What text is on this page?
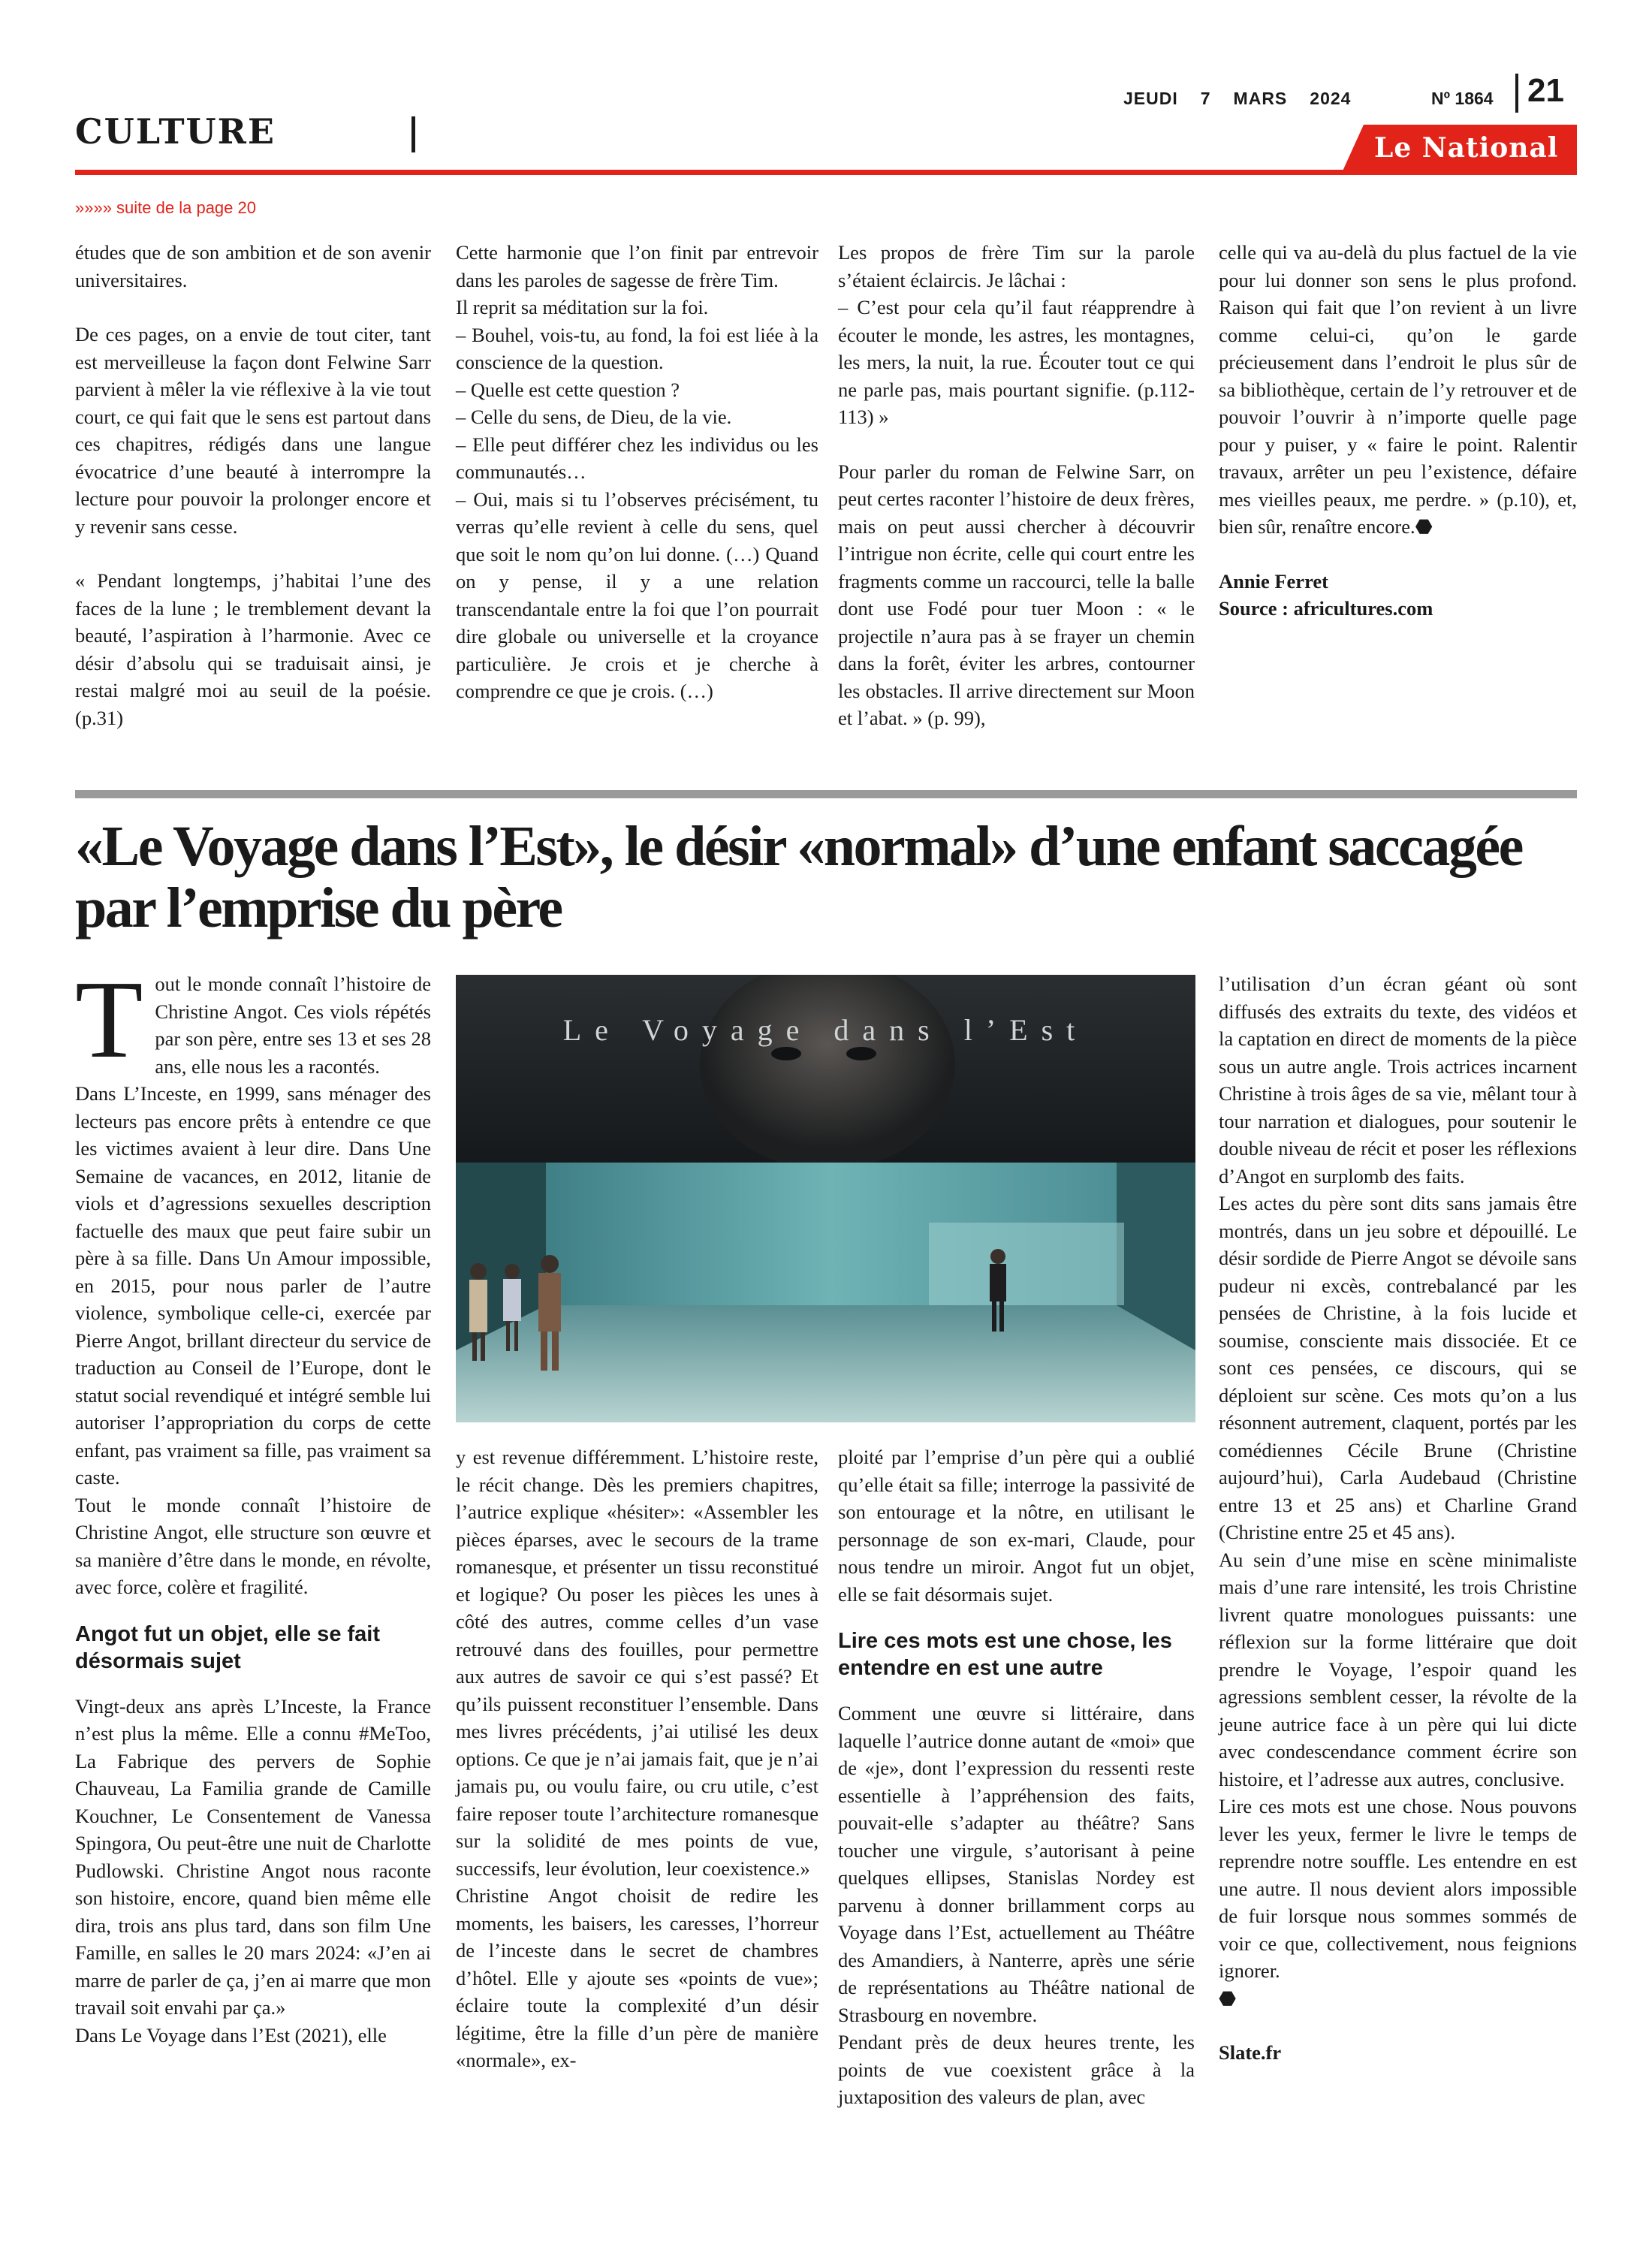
CULTURE
JEUDI 7 MARS 2024	Nº 1864 21
Le National
»»»» suite de la page 20

études que de son ambition et de son avenir universitaires.

De ces pages, on a envie de tout citer, tant est merveilleuse la façon dont Felwine Sarr parvient à mêler la vie réflexive à la vie tout court, ce qui fait que le sens est partout dans ces chapitres, rédigés dans une langue évocatrice d’une beauté à interrompre la lecture pour pouvoir la prolonger encore et y revenir sans cesse.

« Pendant longtemps, j’habitai l’une des faces de la lune ; le tremblement devant la beauté, l’aspiration à l’harmonie. Avec ce désir d’absolu qui se traduisait ainsi, je restai malgré moi au seuil de la poésie. (p.31)

Cette harmonie que l’on finit par entrevoir dans les paroles de sagesse de frère Tim.

Il reprit sa méditation sur la foi.

– Bouhel, vois-tu, au fond, la foi est liée à la conscience de la question.

– Quelle est cette question ?

– Celle du sens, de Dieu, de la vie.

– Elle peut différer chez les individus ou les communautés…

– Oui, mais si tu l’observes précisément, tu verras qu’elle revient à celle du sens, quel que soit le nom qu’on lui donne. (…) Quand on y pense, il y a une relation transcendantale entre la foi que l’on pourrait dire globale ou universelle et la croyance particulière. Je crois et je cherche à comprendre ce que je crois. (…)

Les propos de frère Tim sur la parole s’étaient éclaircis. Je lâchai :

– C’est pour cela qu’il faut réapprendre à écouter le monde, les astres, les montagnes, les mers, la nuit, la rue. Écouter tout ce qui ne parle pas, mais pourtant signifie. (p.112-113) »

Pour parler du roman de Felwine Sarr, on peut certes raconter l’histoire de deux frères, mais on peut aussi chercher à découvrir l’intrigue non écrite, celle qui court entre les fragments comme un raccourci, telle la balle dont use Fodé pour tuer Moon : « le projectile n’aura pas à se frayer un chemin dans la forêt, éviter les arbres, contourner les obstacles. Il arrive directement sur Moon et l’abat. » (p. 99),

celle qui va au-delà du plus factuel de la vie pour lui donner son sens le plus profond. Raison qui fait que l’on revient à un livre comme celui-ci, qu’on le garde précieusement dans l’endroit le plus sûr de sa bibliothèque, certain de l’y retrouver et de pouvoir l’ouvrir à n’importe quelle page pour y puiser, y « faire le point. Ralentir travaux, arrêter un peu l’existence, défaire mes vieilles peaux, me perdre. » (p.10), et, bien sûr, renaître encore.⬣

Annie Ferret

Source : africultures.com

«Le Voyage dans l’Est», le désir «normal» d’une enfant saccagée par l’emprise du père

Tout le monde connaît l’histoire de Christine Angot. Ces viols répétés par son père, entre ses 13 et ses 28 ans, elle nous les a racontés.

Dans L’Inceste, en 1999, sans ménager des lecteurs pas encore prêts à entendre ce que les victimes avaient à leur dire. Dans Une Semaine de vacances, en 2012, litanie de viols et d’agressions sexuelles description factuelle des maux que peut faire subir un père à sa fille. Dans Un Amour impossible, en 2015, pour nous parler de l’autre violence, symbolique celle-ci, exercée par Pierre Angot, brillant directeur du service de traduction au Conseil de l’Europe, dont le statut social revendiqué et intégré semble lui autoriser l’appropriation du corps de cette enfant, pas vraiment sa fille, pas vraiment sa caste.

Tout le monde connaît l’histoire de Christine Angot, elle structure son œuvre et sa manière d’être dans le monde, en révolte, avec force, colère et fragilité.

Angot fut un objet, elle se fait désormais sujet

Vingt-deux ans après L’Inceste, la France n’est plus la même. Elle a connu #MeToo, La Fabrique des pervers de Sophie Chauveau, La Familia grande de Camille Kouchner, Le Consentement de Vanessa Spingora, Ou peut-être une nuit de Charlotte Pudlowski. Christine Angot nous raconte son histoire, encore, quand bien même elle dira, trois ans plus tard, dans son film Une Famille, en salles le 20 mars 2024: «J’en ai marre de parler de ça, j’en ai marre que mon travail soit envahi par ça.»

Dans Le Voyage dans l’Est (2021), elle

Le Voyage dans l’Est

y est revenue différemment. L’histoire reste, le récit change. Dès les premiers chapitres, l’autrice explique «hésiter»: «Assembler les pièces éparses, avec le secours de la trame romanesque, et présenter un tissu reconstitué et logique? Ou poser les pièces les unes à côté des autres, comme celles d’un vase retrouvé dans des fouilles, pour permettre aux autres de savoir ce qui s’est passé? Et qu’ils puissent reconstituer l’ensemble. Dans mes livres précédents, j’ai utilisé les deux options. Ce que je n’ai jamais fait, que je n’ai jamais pu, ou voulu faire, ou cru utile, c’est faire reposer toute l’architecture romanesque sur la solidité de mes points de vue, successifs, leur évolution, leur coexistence.»

Christine Angot choisit de redire les moments, les baisers, les caresses, l’horreur de l’inceste dans le secret de chambres d’hôtel. Elle y ajoute ses «points de vue»; éclaire toute la complexité d’un désir légitime, être la fille d’un père de manière «normale», ex-

ploité par l’emprise d’un père qui a oublié qu’elle était sa fille; interroge la passivité de son entourage et la nôtre, en utilisant le personnage de son ex-mari, Claude, pour nous tendre un miroir. Angot fut un objet, elle se fait désormais sujet.

Lire ces mots est une chose, les entendre en est une autre

Comment une œuvre si littéraire, dans laquelle l’autrice donne autant de «moi» que de «je», dont l’expression du ressenti reste essentielle à l’appréhension des faits, pouvait-elle s’adapter au théâtre? Sans toucher une virgule, s’autorisant à peine quelques ellipses, Stanislas Nordey est parvenu à donner brillamment corps au Voyage dans l’Est, actuellement au Théâtre des Amandiers, à Nanterre, après une série de représentations au Théâtre national de Strasbourg en novembre.

Pendant près de deux heures trente, les points de vue coexistent grâce à la juxtaposition des valeurs de plan, avec

l’utilisation d’un écran géant où sont diffusés des extraits du texte, des vidéos et la captation en direct de moments de la pièce sous un autre angle. Trois actrices incarnent Christine à trois âges de sa vie, mêlant tour à tour narration et dialogues, pour soutenir le double niveau de récit et poser les réflexions d’Angot en surplomb des faits.

Les actes du père sont dits sans jamais être montrés, dans un jeu sobre et dépouillé. Le désir sordide de Pierre Angot se dévoile sans pudeur ni excès, contrebalancé par les pensées de Christine, à la fois lucide et soumise, consciente mais dissociée. Et ce sont ces pensées, ce discours, qui se déploient sur scène. Ces mots qu’on a lus résonnent autrement, claquent, portés par les comédiennes Cécile Brune (Christine aujourd’hui), Carla Audebaud (Christine entre 13 et 25 ans) et Charline Grand (Christine entre 25 et 45 ans).

Au sein d’une mise en scène minimaliste mais d’une rare intensité, les trois Christine livrent quatre monologues puissants: une réflexion sur la forme littéraire que doit prendre le Voyage, l’espoir quand les agressions semblent cesser, la révolte de la jeune autrice face à un père qui lui dicte avec condescendance comment écrire son histoire, et l’adresse aux autres, conclusive.

Lire ces mots est une chose. Nous pouvons lever les yeux, fermer le livre le temps de reprendre notre souffle. Les entendre en est une autre. Il nous devient alors impossible de fuir lorsque nous sommes sommés de voir ce que, collectivement, nous feignions ignorer.

⬣

Slate.fr
